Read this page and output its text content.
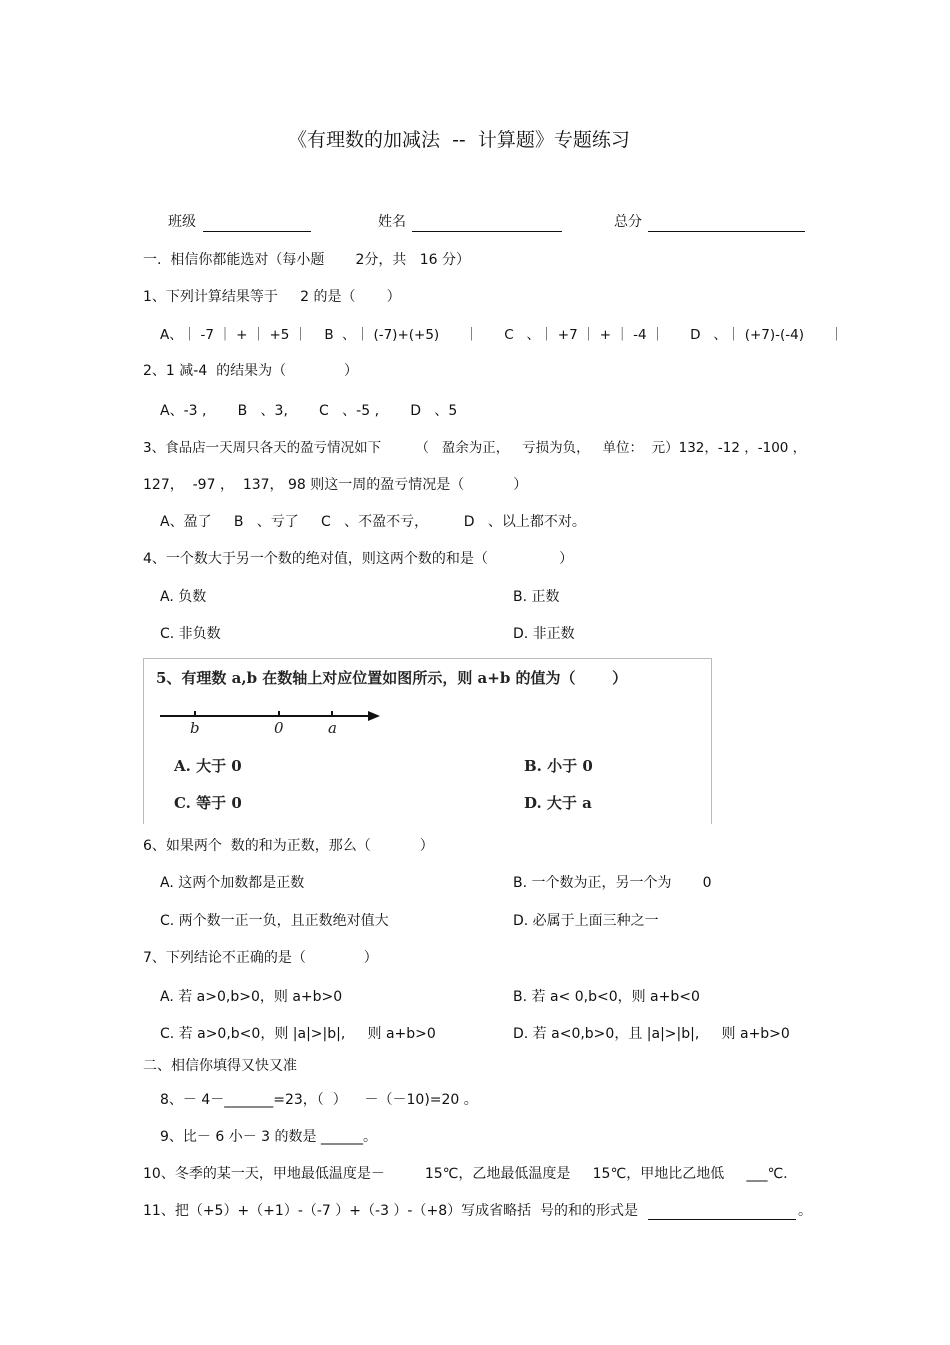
《有理数的加减法  --  计算题》专题练习
班级	姓名	总分
一.  相信你都能选对（每小题       2分，共   16 分）
1、下列计算结果等于     2 的是（       ）
A、｜ -7 ｜ + ｜ +5 ｜    B  、｜ (-7)+(+5)      ｜      C   、｜ +7 ｜ + ｜ -4 ｜      D   、｜ (+7)-(-4)      ｜
2、1 减-4  的结果为（             ）
A、-3 ,       B   、3,       C   、-5 ,       D   、5
3、食品店一天周只各天的盈亏情况如下        （   盈余为正，   亏损为负，   单位：  元）132，-12 ，-100 ，
127，  -97 ，  137， 98 则这一周的盈亏情况是（           ）
A、盈了     B   、亏了     C   、不盈不亏，        D   、以上都不对。
4、一个数大于另一个数的绝对值，则这两个数的和是（                ）
A. 负数	B. 正数
C. 非负数	D. 非正数
5、有理数 a,b 在数轴上对应位置如图所示，则 a+b 的值为（       ）
b	0	a
A. 大于 0	B. 小于 0
C. 等于 0	D. 大于 a
6、如果两个  数的和为正数，那么（           ）
A. 这两个加数都是正数	B. 一个数为正，另一个为       0
C. 两个数一正一负，且正数绝对值大	D. 必属于上面三种之一
7、下列结论不正确的是（             ）
A. 若 a>0,b>0，则 a+b>0	B. 若 a< 0,b<0，则 a+b<0
C. 若 a>0,b<0，则 |a|>|b|,     则 a+b>0	D. 若 a<0,b>0，且 |a|>|b|,     则 a+b>0
二、相信你填得又快又准
8、－ 4－_______=23，（  ）    －（－10)=20 。
9、比－ 6 小－ 3 的数是 ______。
10、冬季的某一天，甲地最低温度是－         15℃，乙地最低温度是     15℃，甲地比乙地低     ___℃.
11、把（+5）+（+1）-（-7 ）+（-3 ）-（+8）写成省略括  号的和的形式是	。
